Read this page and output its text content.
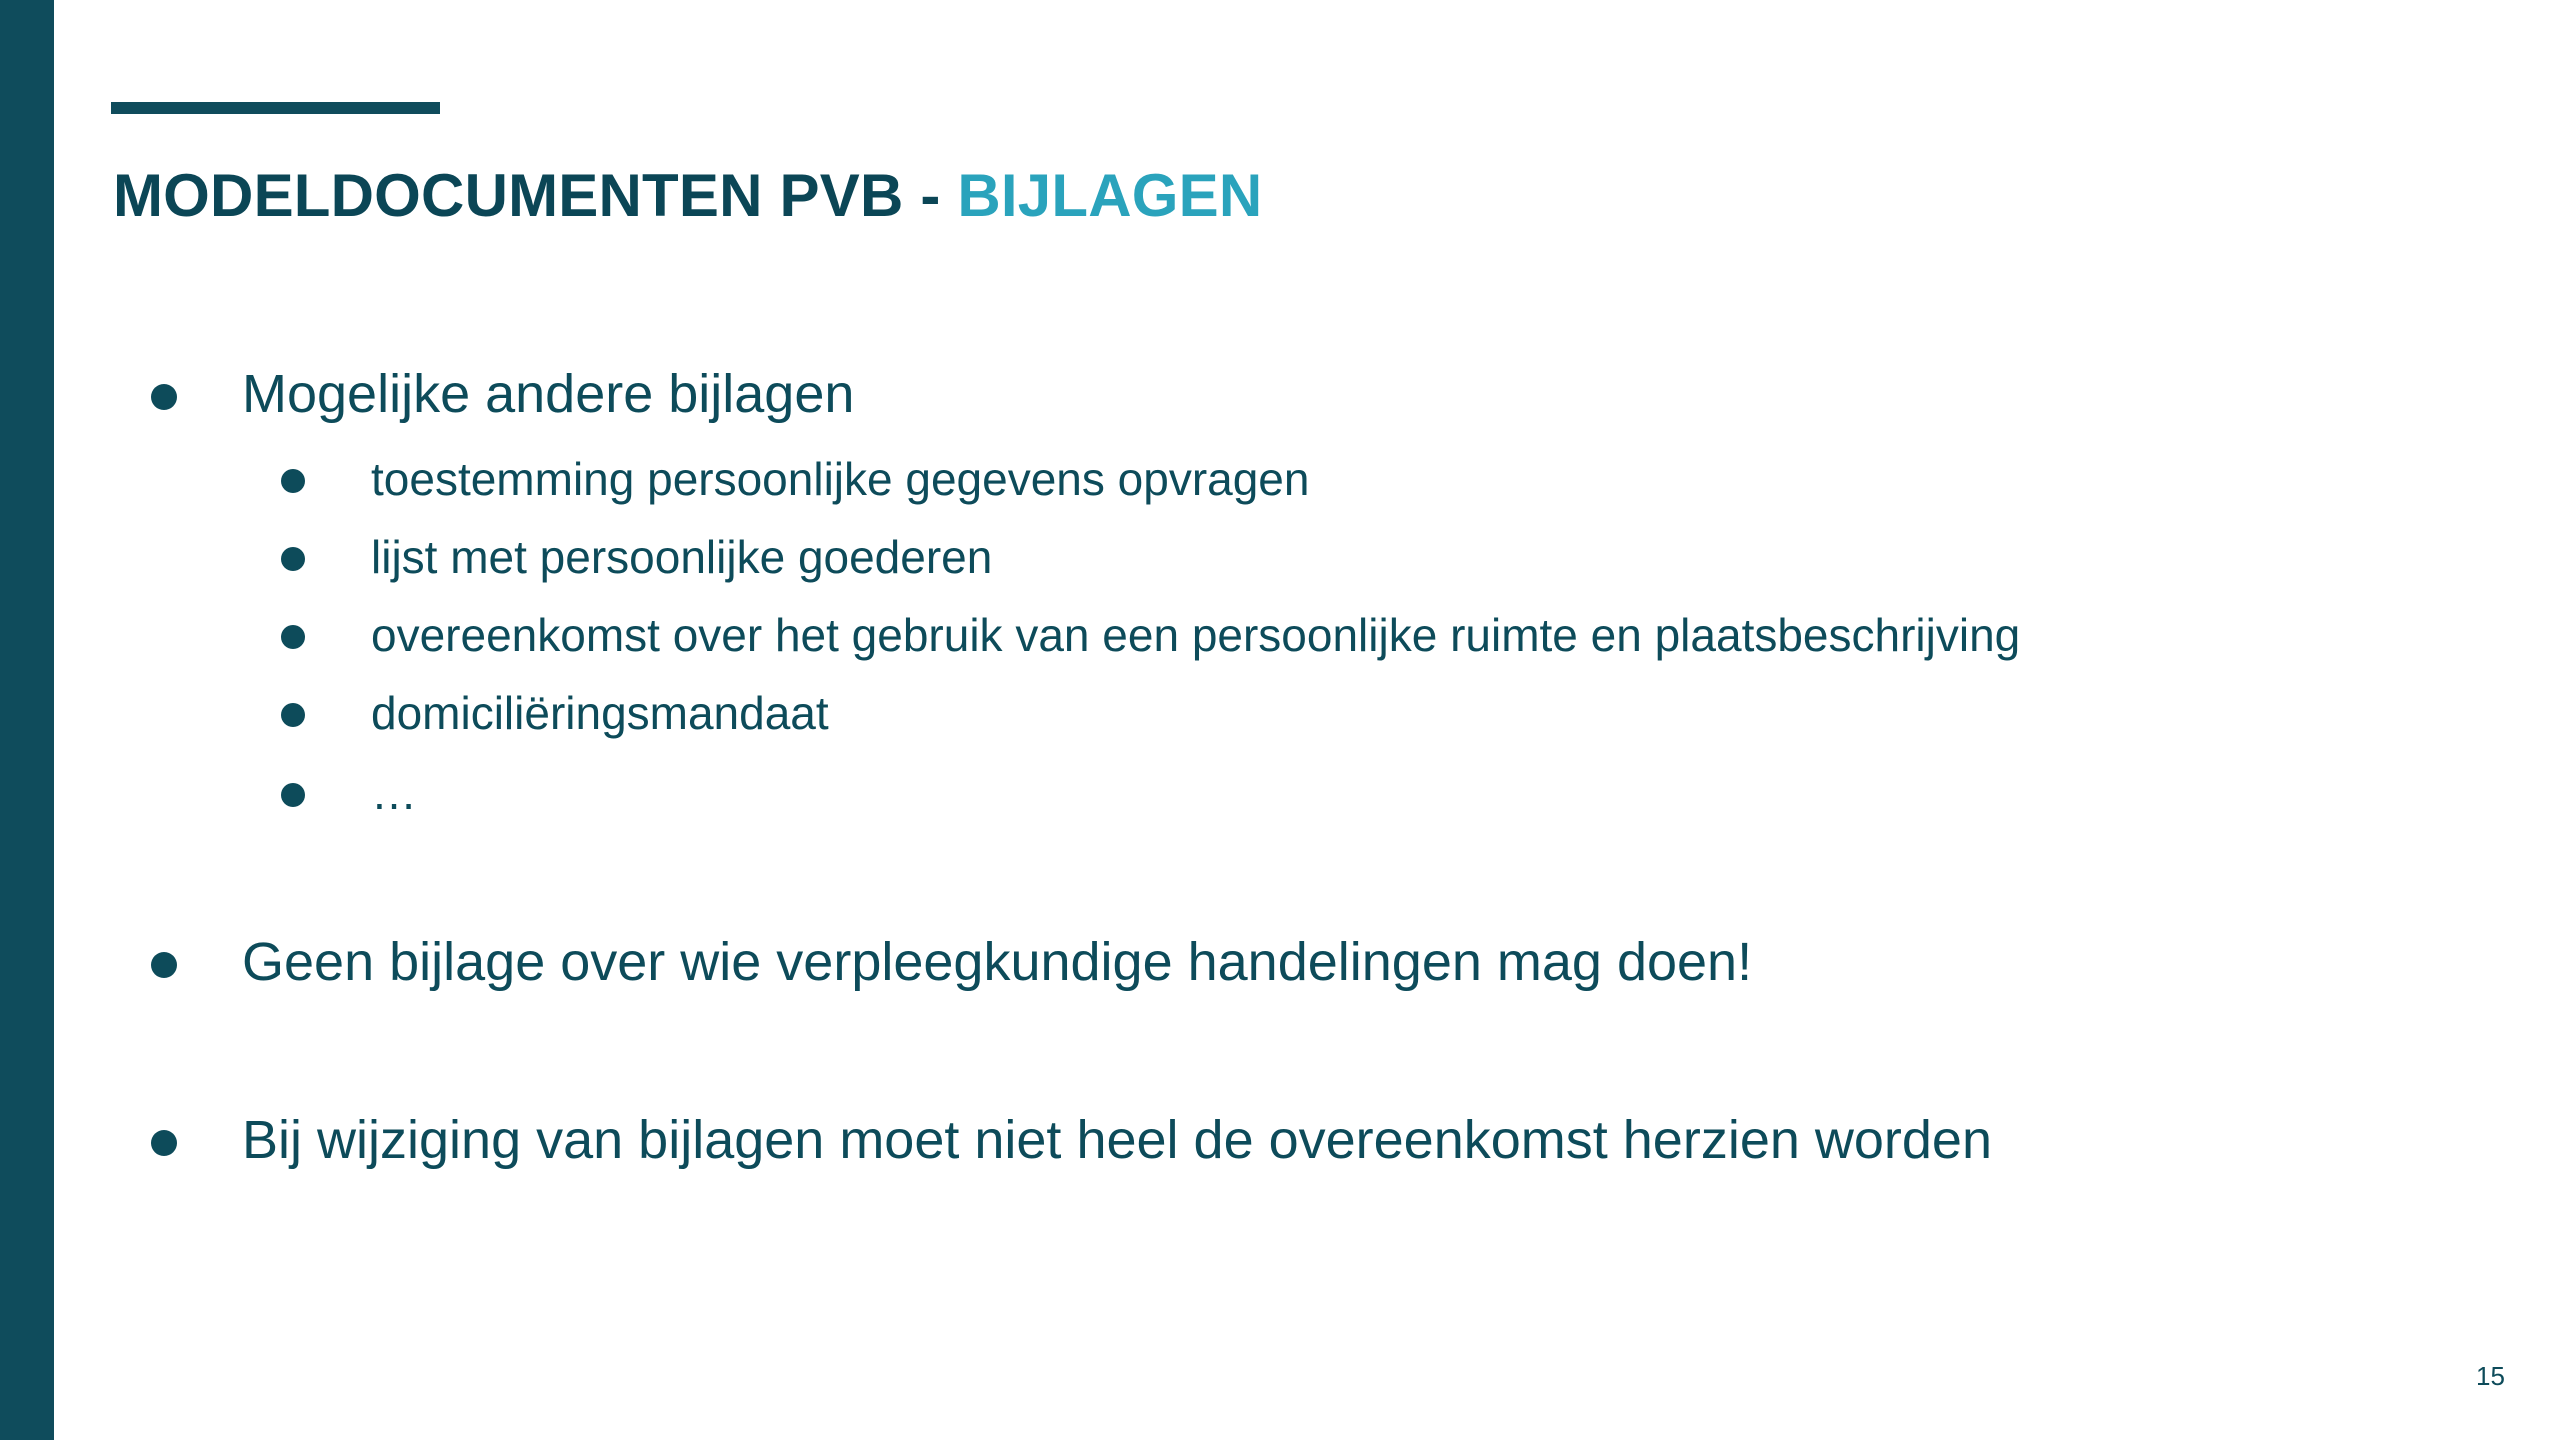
MODELDOCUMENTEN PVB - BIJLAGEN
Mogelijke andere bijlagen
toestemming persoonlijke gegevens opvragen
lijst met persoonlijke goederen
overeenkomst over het gebruik van een persoonlijke ruimte en plaatsbeschrijving
domiciliëringsmandaat
…
Geen bijlage over wie verpleegkundige handelingen mag doen!
Bij wijziging van bijlagen moet niet heel de overeenkomst herzien worden
15
